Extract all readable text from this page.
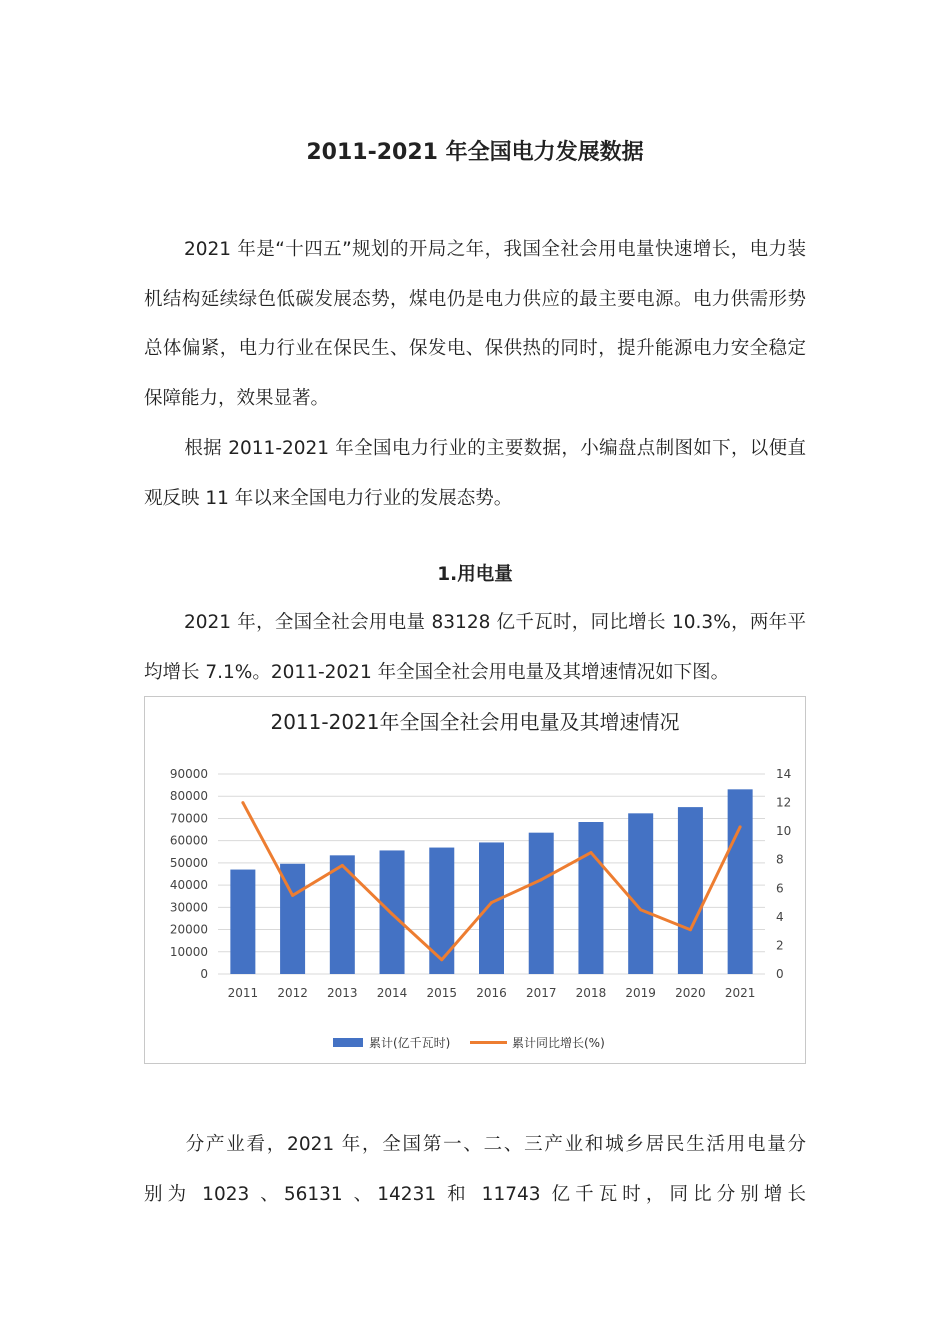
2011-2021 年全国电力发展数据

2021 年是“十四五”规划的开局之年，我国全社会用电量快速增长，电力装机结构延续绿色低碳发展态势，煤电仍是电力供应的最主要电源。电力供需形势总体偏紧，电力行业在保民生、保发电、保供热的同时，提升能源电力安全稳定保障能力，效果显著。

根据 2011-2021 年全国电力行业的主要数据，小编盘点制图如下，以便直观反映 11 年以来全国电力行业的发展态势。

1.用电量

2021 年，全国全社会用电量 83128 亿千瓦时，同比增长 10.3%，两年平均增长 7.1%。2011-2021 年全国全社会用电量及其增速情况如下图。

2011-2021年全国全社会用电量及其增速情况
0
10000
20000
30000
40000
50000
60000
70000
80000
90000
0
2
4
6
8
10
12
14
2011 2012 2013 2014 2015 2016 2017 2018 2019 2020 2021
累计(亿千瓦时)	累计同比增长(%)

分产业看，2021 年，全国第一、二、三产业和城乡居民生活用电量分

别为 1023 、56131 、14231 和 11743 亿千瓦时，同比分别增长
